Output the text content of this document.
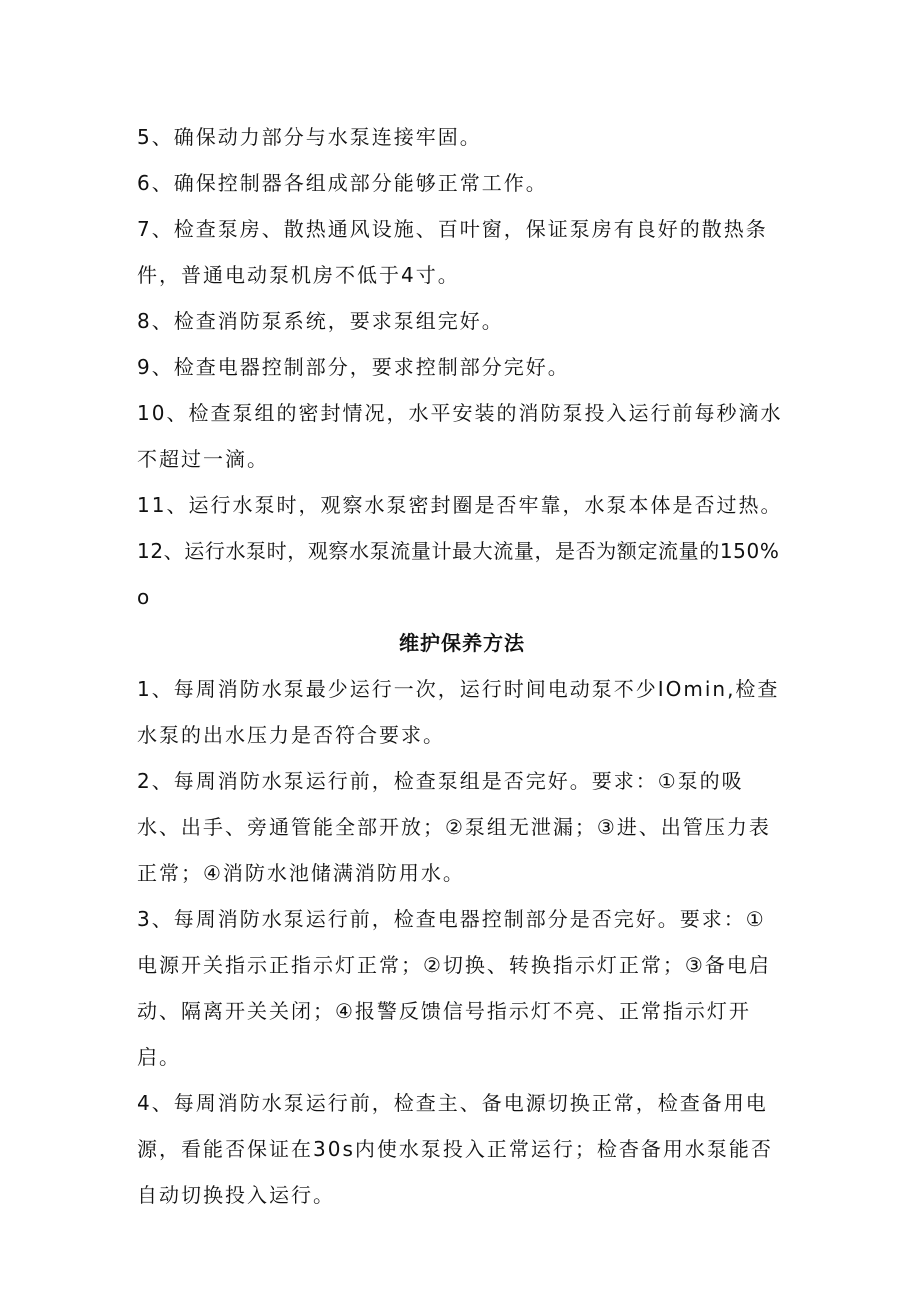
5、确保动力部分与水泵连接牢固。

6、确保控制器各组成部分能够正常工作。

7、检查泵房、散热通风设施、百叶窗，保证泵房有良好的散热条件，普通电动泵机房不低于4寸。

8、检查消防泵系统，要求泵组完好。

9、检查电器控制部分，要求控制部分完好。

10、检查泵组的密封情况，水平安装的消防泵投入运行前每秒滴水不超过一滴。

11、运行水泵时，观察水泵密封圈是否牢靠，水泵本体是否过热。

12、运行水泵时，观察水泵流量计最大流量，是否为额定流量的150%o

维护保养方法

1、每周消防水泵最少运行一次，运行时间电动泵不少IOmin,检查水泵的出水压力是否符合要求。

2、每周消防水泵运行前，检查泵组是否完好。要求：①泵的吸水、出手、旁通管能全部开放；②泵组无泄漏；③进、出管压力表正常；④消防水池储满消防用水。

3、每周消防水泵运行前，检查电器控制部分是否完好。要求：①电源开关指示正指示灯正常；②切换、转换指示灯正常；③备电启动、隔离开关关闭；④报警反馈信号指示灯不亮、正常指示灯开启。

4、每周消防水泵运行前，检查主、备电源切换正常，检查备用电源，看能否保证在30s内使水泵投入正常运行；检杳备用水泵能否自动切换投入运行。
